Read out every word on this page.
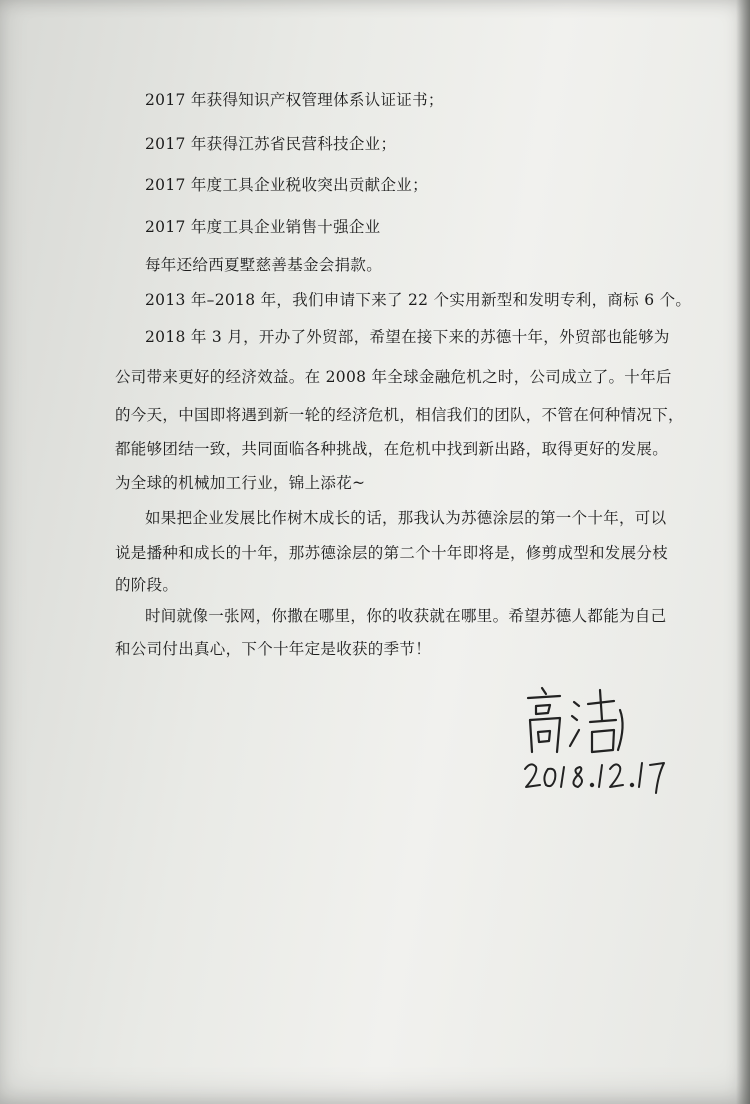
2017 年获得知识产权管理体系认证证书；
2017 年获得江苏省民营科技企业；
2017 年度工具企业税收突出贡献企业；
2017 年度工具企业销售十强企业
每年还给西夏墅慈善基金会捐款。
2013 年–2018 年，我们申请下来了 22 个实用新型和发明专利，商标 6 个。
2018 年 3 月，开办了外贸部，希望在接下来的苏德十年，外贸部也能够为
公司带来更好的经济效益。在 2008 年全球金融危机之时，公司成立了。十年后
的今天，中国即将遇到新一轮的经济危机，相信我们的团队，不管在何种情况下，
都能够团结一致，共同面临各种挑战，在危机中找到新出路，取得更好的发展。
为全球的机械加工行业，锦上添花~
如果把企业发展比作树木成长的话，那我认为苏德涂层的第一个十年，可以
说是播种和成长的十年，那苏德涂层的第二个十年即将是，修剪成型和发展分枝
的阶段。
时间就像一张网，你撒在哪里，你的收获就在哪里。希望苏德人都能为自己
和公司付出真心，下个十年定是收获的季节！
